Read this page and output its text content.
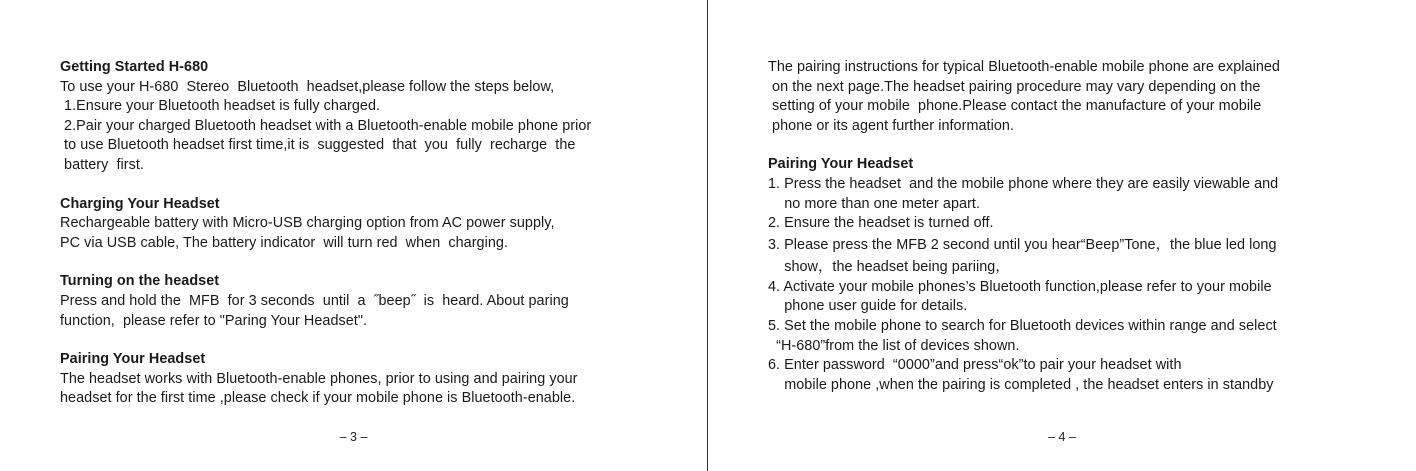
Getting Started H-680
To use your H-680  Stereo  Bluetooth  headset,please follow the steps below,
1.Ensure your Bluetooth headset is fully charged.
2.Pair your charged Bluetooth headset with a Bluetooth-enable mobile phone prior
to use Bluetooth headset first time,it is  suggested  that  you  fully  recharge  the
battery  first.
Charging Your Headset
Rechargeable battery with Micro-USB charging option from AC power supply,
PC via USB cable, The battery indicator  will turn red  when  charging.
Turning on the headset
Press and hold the  MFB  for 3 seconds  until  a  ˝beep˝  is  heard. About paring
function,  please refer to "Paring Your Headset".
Pairing Your Headset
The headset works with Bluetooth-enable phones, prior to using and pairing your
headset for the first time ,please check if your mobile phone is Bluetooth-enable.
– 3 –
The pairing instructions for typical Bluetooth-enable mobile phone are explained
on the next page.The headset pairing procedure may vary depending on the
setting of your mobile  phone.Please contact the manufacture of your mobile
phone or its agent further information.
Pairing Your Headset
1. Press the headset  and the mobile phone where they are easily viewable and
no more than one meter apart.
2. Ensure the headset is turned off.
3. Please press the MFB 2 second until you hear“Beep”Tone，the blue led long
show，the headset being pariing，
4. Activate your mobile phones’s Bluetooth function,please refer to your mobile
phone user guide for details.
5. Set the mobile phone to search for Bluetooth devices within range and select
“H-680”from the list of devices shown.
6. Enter password  “0000”and press“ok”to pair your headset with
mobile phone ,when the pairing is completed , the headset enters in standby
– 4 –
